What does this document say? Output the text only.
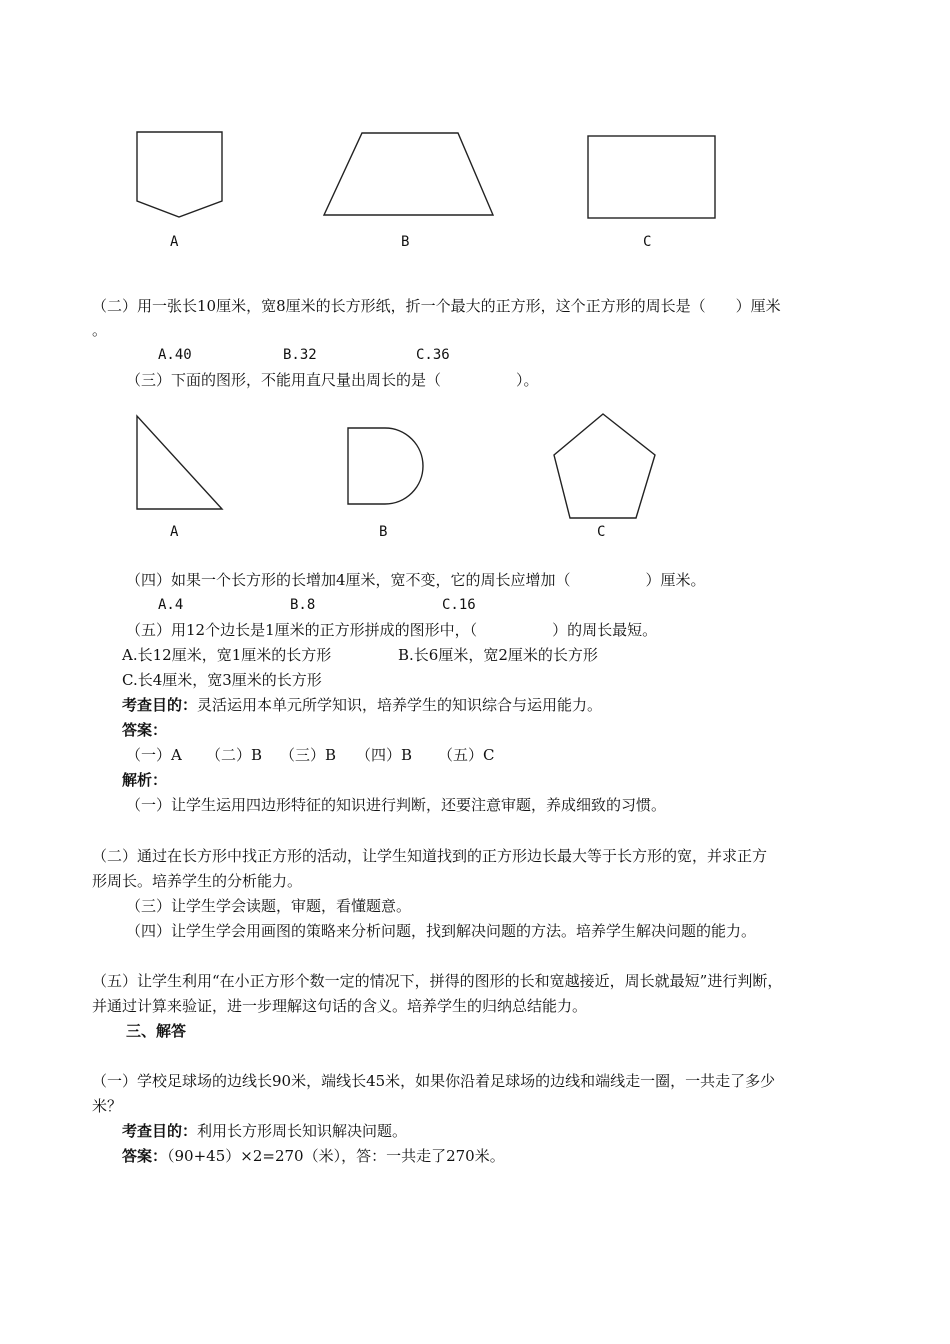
A	B	C
（二）用一张长10厘米，宽8厘米的长方形纸，折一个最大的正方形，这个正方形的周长是（　　）厘米
。
A.40	B.32	C.36
（三）下面的图形，不能用直尺量出周长的是（　　　　　）。
A	B	C
（四）如果一个长方形的长增加4厘米，宽不变，它的周长应增加（　　　　　）厘米。
A.4	B.8	C.16
（五）用12个边长是1厘米的正方形拼成的图形中，（　　　　　）的周长最短。
A.长12厘米，宽1厘米的长方形	B.长6厘米，宽2厘米的长方形
C.长4厘米，宽3厘米的长方形
考查目的：灵活运用本单元所学知识，培养学生的知识综合与运用能力。
答案：
（一）A （二）B （三）B （四）B （五）C
解析：
（一）让学生运用四边形特征的知识进行判断，还要注意审题，养成细致的习惯。
（二）通过在长方形中找正方形的活动，让学生知道找到的正方形边长最大等于长方形的宽，并求正方
形周长。培养学生的分析能力。
（三）让学生学会读题，审题，看懂题意。
（四）让学生学会用画图的策略来分析问题，找到解决问题的方法。培养学生解决问题的能力。
（五）让学生利用“在小正方形个数一定的情况下，拼得的图形的长和宽越接近，周长就最短”进行判断，
并通过计算来验证，进一步理解这句话的含义。培养学生的归纳总结能力。
三、解答
（一）学校足球场的边线长90米，端线长45米，如果你沿着足球场的边线和端线走一圈，一共走了多少
米？
考查目的：利用长方形周长知识解决问题。
答案：（90+45）×2=270（米），答：一共走了270米。
